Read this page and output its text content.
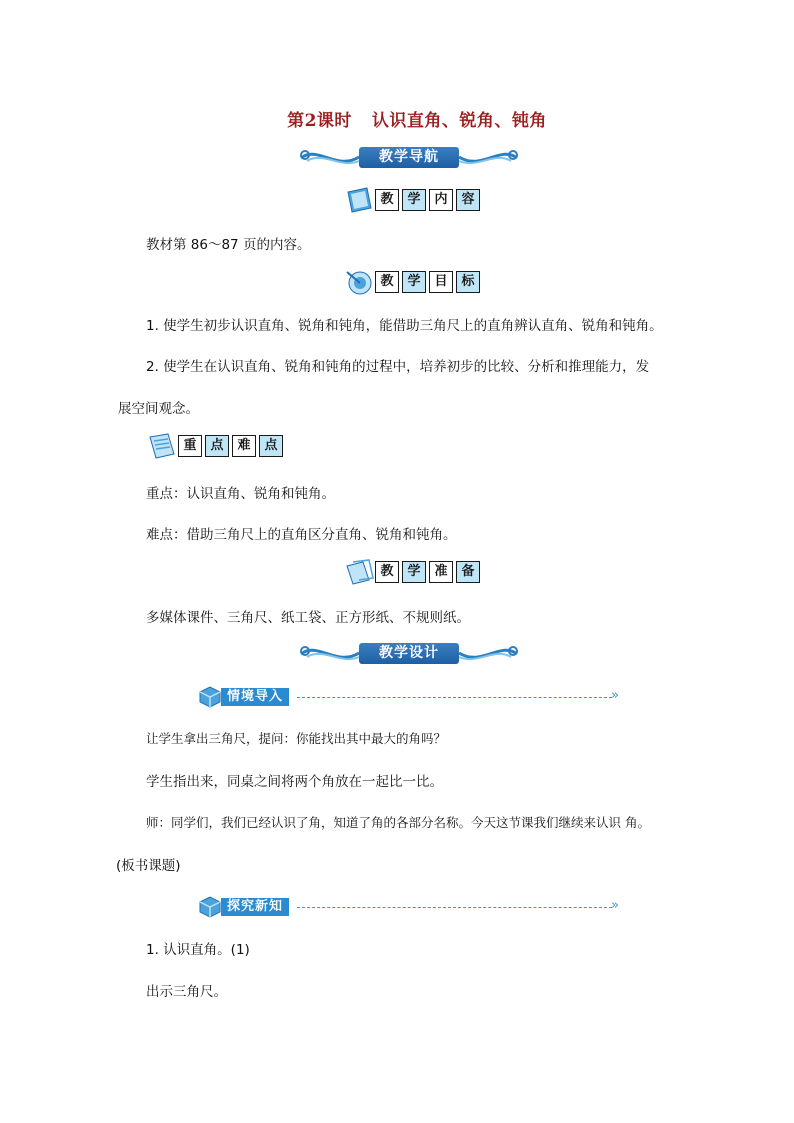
第2课时 认识直角、锐角、钝角
教学导航
教	学	内	容
教材第 86～87 页的内容。
教	学	目	标
1. 使学生初步认识直角、锐角和钝角，能借助三角尺上的直角辨认直角、锐角和钝角。
2. 使学生在认识直角、锐角和钝角的过程中，培养初步的比较、分析和推理能力，发
展空间观念。
重	点	难	点
重点：认识直角、锐角和钝角。
难点：借助三角尺上的直角区分直角、锐角和钝角。
教	学	准	备
多媒体课件、三角尺、纸工袋、正方形纸、不规则纸。
教学设计
情境导入	»
让学生拿出三角尺，提问：你能找出其中最大的角吗？
学生指出来，同桌之间将两个角放在一起比一比。
师：同学们，我们已经认识了角，知道了角的各部分名称。今天这节课我们继续来认识 角。
(板书课题)
探究新知	»
1. 认识直角。(1)
出示三角尺。
